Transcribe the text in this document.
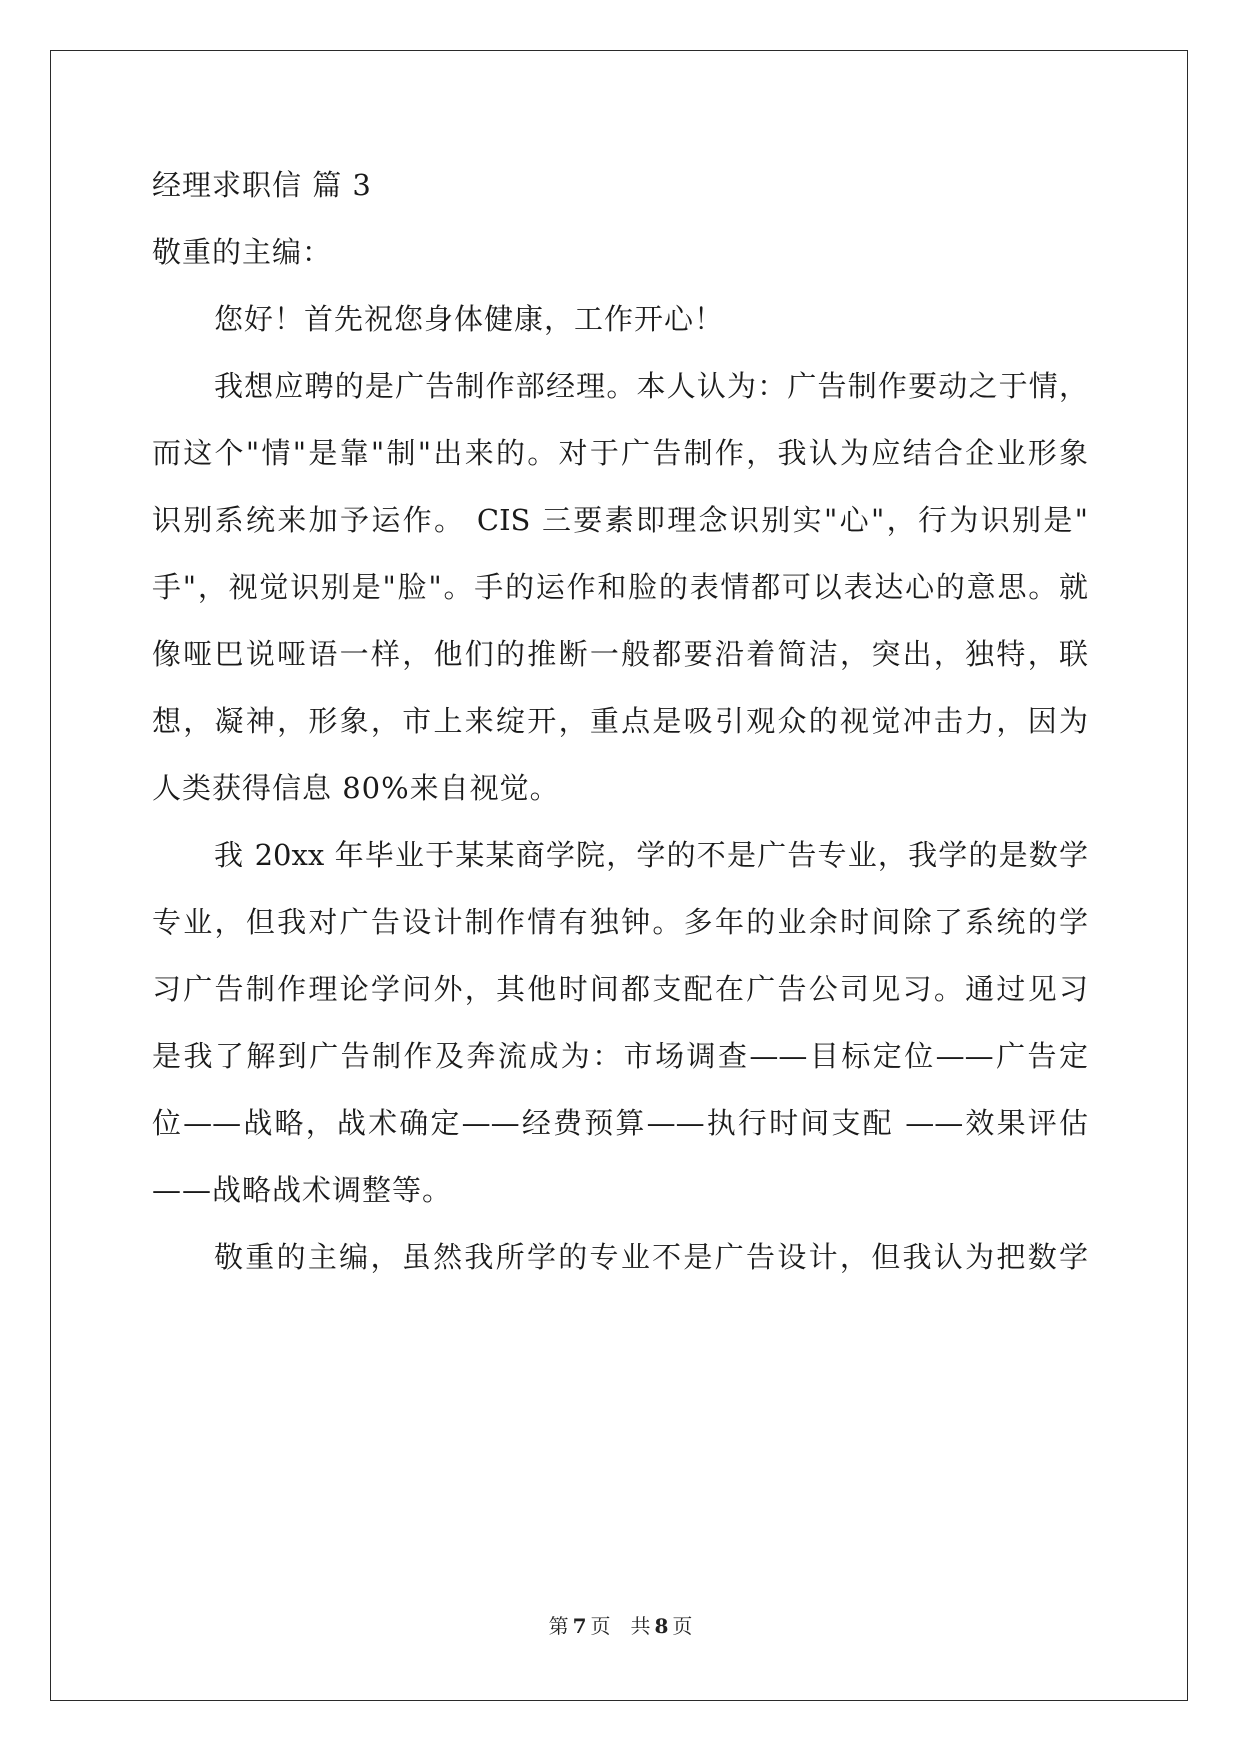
经理求职信 篇 3
敬重的主编：
您好！首先祝您身体健康，工作开心！
我想应聘的是广告制作部经理。本人认为：广告制作要动之于情，
而这个"情"是靠"制"出来的。对于广告制作，我认为应结合企业形象
识别系统来加予运作。 CIS 三要素即理念识别实"心"，行为识别是"
手"，视觉识别是"脸"。手的运作和脸的表情都可以表达心的意思。就
像哑巴说哑语一样，他们的推断一般都要沿着简洁，突出，独特，联
想，凝神，形象，市上来绽开，重点是吸引观众的视觉冲击力，因为
人类获得信息 80%来自视觉。
我 20xx 年毕业于某某商学院，学的不是广告专业，我学的是数学
专业，但我对广告设计制作情有独钟。多年的业余时间除了系统的学
习广告制作理论学问外，其他时间都支配在广告公司见习。通过见习
是我了解到广告制作及奔流成为：市场调查——目标定位——广告定
位——战略，战术确定——经费预算——执行时间支配 ——效果评估
——战略战术调整等。
敬重的主编，虽然我所学的专业不是广告设计，但我认为把数学
第 7 页　共 8 页
